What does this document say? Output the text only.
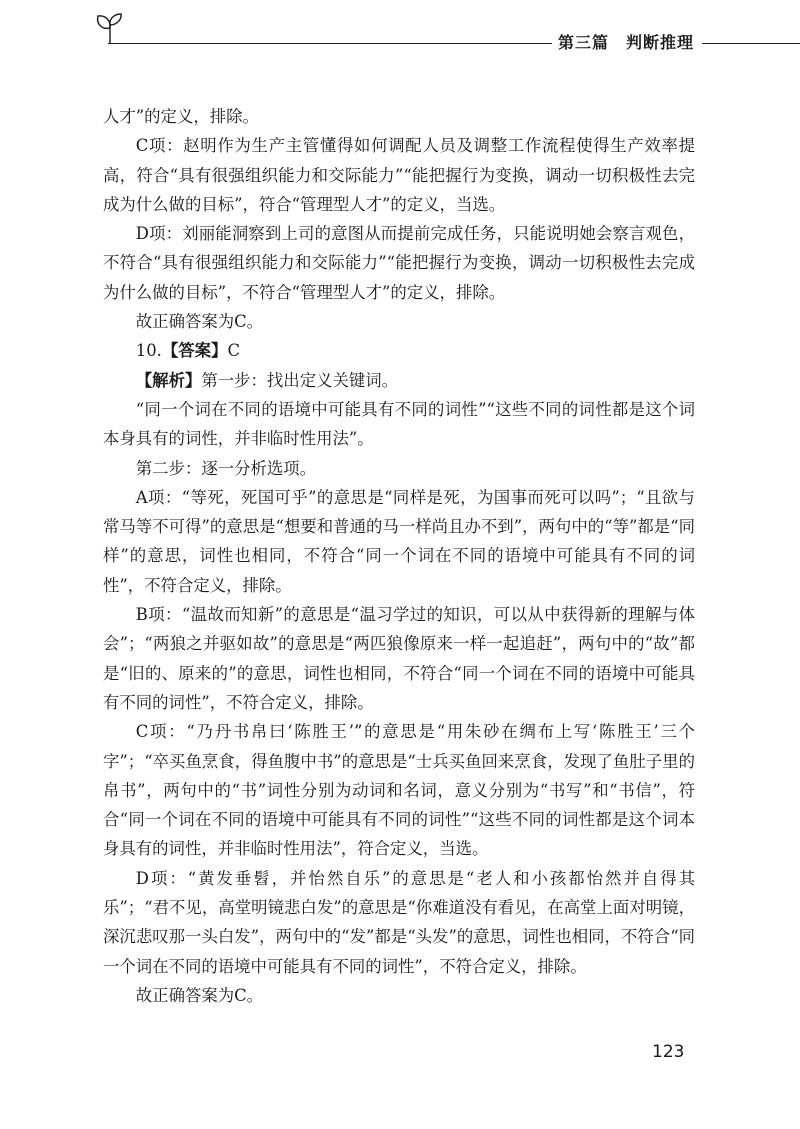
第三篇　判断推理

人才”的定义，排除。

C项：赵明作为生产主管懂得如何调配人员及调整工作流程使得生产效率提高，符合“具有很强组织能力和交际能力”“能把握行为变换，调动一切积极性去完成为什么做的目标”，符合“管理型人才”的定义，当选。

D项：刘丽能洞察到上司的意图从而提前完成任务，只能说明她会察言观色，不符合“具有很强组织能力和交际能力”“能把握行为变换，调动一切积极性去完成为什么做的目标”，不符合“管理型人才”的定义，排除。

故正确答案为C。

10.【答案】C

【解析】第一步：找出定义关键词。

“同一个词在不同的语境中可能具有不同的词性”“这些不同的词性都是这个词本身具有的词性，并非临时性用法”。

第二步：逐一分析选项。

A项：“等死，死国可乎”的意思是“同样是死，为国事而死可以吗”；“且欲与常马等不可得”的意思是“想要和普通的马一样尚且办不到”，两句中的“等”都是“同样”的意思，词性也相同，不符合“同一个词在不同的语境中可能具有不同的词性”，不符合定义，排除。

B项：“温故而知新”的意思是“温习学过的知识，可以从中获得新的理解与体会”；“两狼之并驱如故”的意思是“两匹狼像原来一样一起追赶”，两句中的“故”都是“旧的、原来的”的意思，词性也相同，不符合“同一个词在不同的语境中可能具有不同的词性”，不符合定义，排除。

C项：“乃丹书帛曰‘陈胜王’”的意思是“用朱砂在绸布上写‘陈胜王’三个字”；“卒买鱼烹食，得鱼腹中书”的意思是“士兵买鱼回来烹食，发现了鱼肚子里的帛书”，两句中的“书”词性分别为动词和名词，意义分别为“书写”和“书信”，符合“同一个词在不同的语境中可能具有不同的词性”“这些不同的词性都是这个词本身具有的词性，并非临时性用法”，符合定义，当选。

D项：“黄发垂髫，并怡然自乐”的意思是“老人和小孩都怡然并自得其乐”；“君不见，高堂明镜悲白发”的意思是“你难道没有看见，在高堂上面对明镜，深沉悲叹那一头白发”，两句中的“发”都是“头发”的意思，词性也相同，不符合“同一个词在不同的语境中可能具有不同的词性”，不符合定义，排除。

故正确答案为C。

123
